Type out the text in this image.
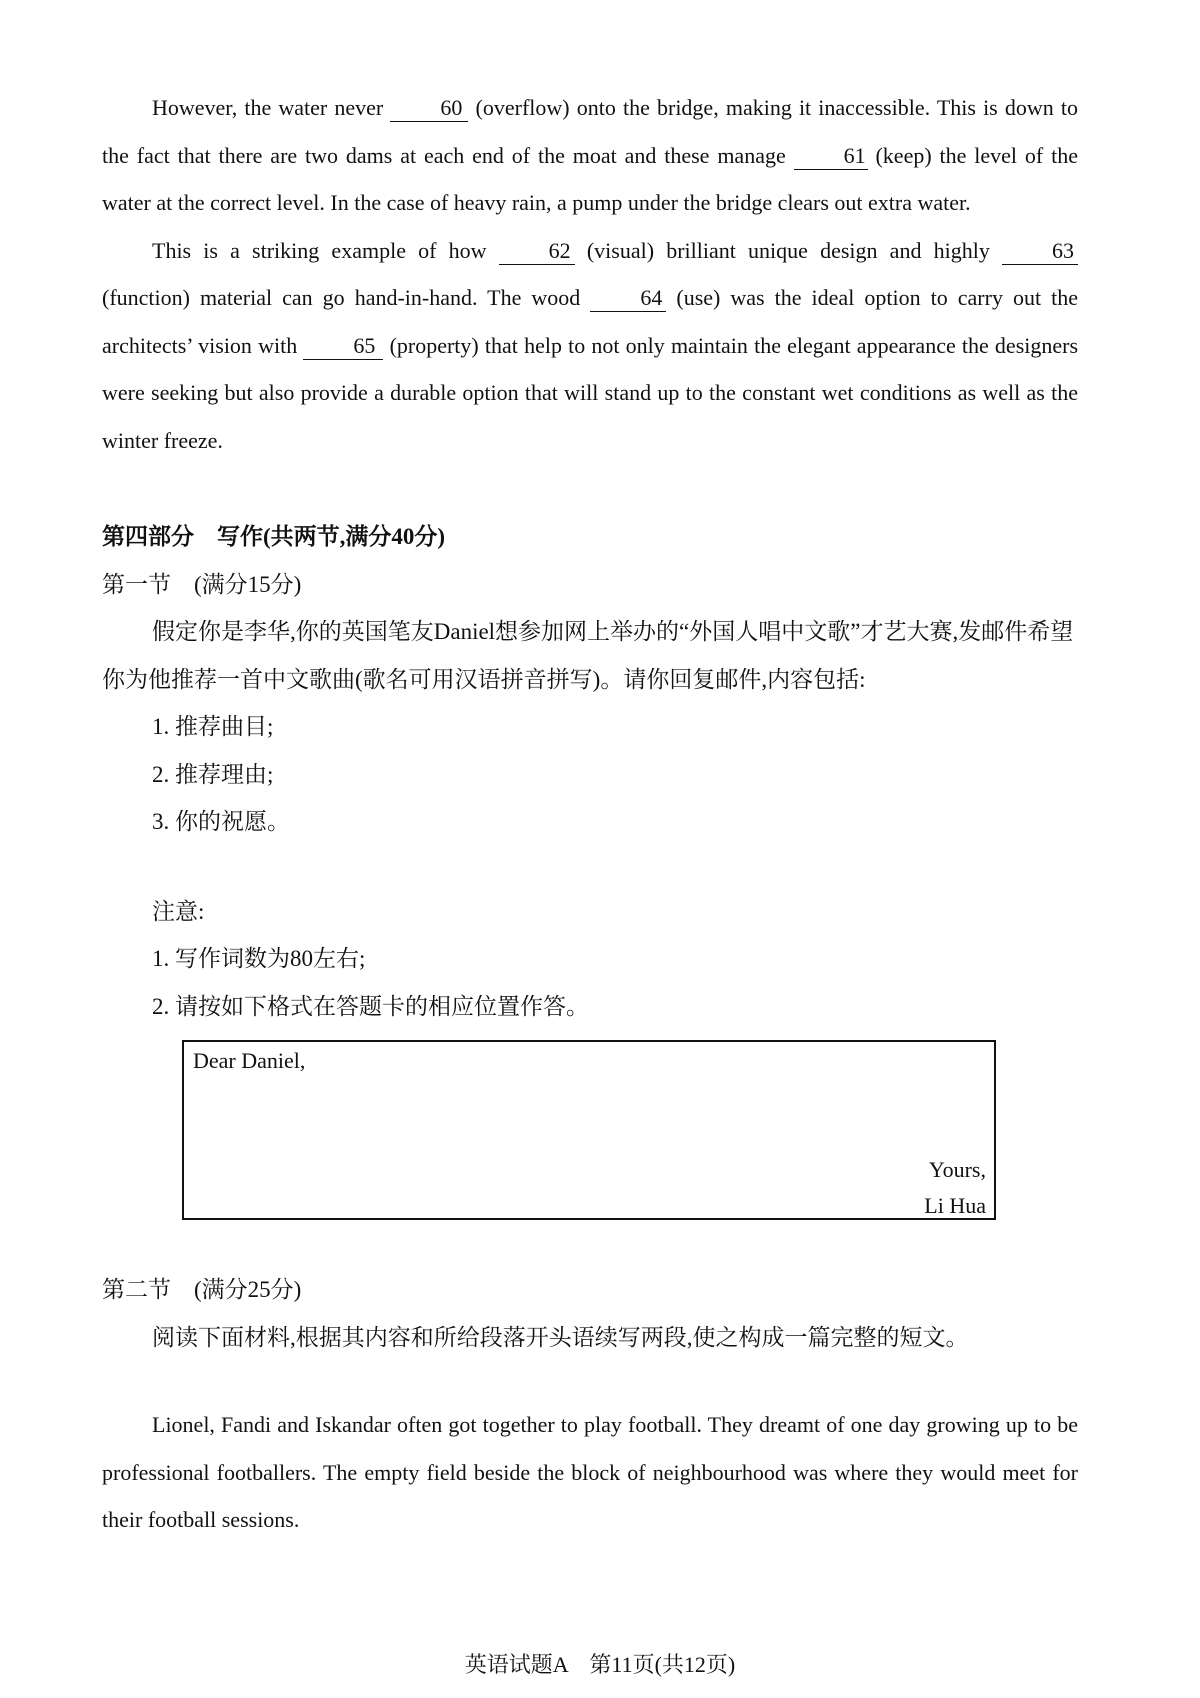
However, the water never	60 (overflow) onto the bridge, making it inaccessible. This is down to the fact that there are two dams at each end of the moat and these manage	61 (keep) the level of the water at the correct level. In the case of heavy rain, a pump under the bridge clears out extra water.

This is a striking example of how	62 (visual) brilliant unique design and highly	63 (function) material can go hand-in-hand. The wood	64 (use) was the ideal option to carry out the architects’ vision with	65 (property) that help to not only maintain the elegant appearance the designers were seeking but also provide a durable option that will stand up to the constant wet conditions as well as the winter freeze.

第四部分　写作(共两节,满分40分)

第一节　(满分15分)

假定你是李华,你的英国笔友Daniel想参加网上举办的“外国人唱中文歌”才艺大赛,发邮件希望你为他推荐一首中文歌曲(歌名可用汉语拼音拼写)。请你回复邮件,内容包括:

1. 推荐曲目;

2. 推荐理由;

3. 你的祝愿。

注意:

1. 写作词数为80左右;

2. 请按如下格式在答题卡的相应位置作答。

Dear Daniel,
Yours,
Li Hua

第二节　(满分25分)

阅读下面材料,根据其内容和所给段落开头语续写两段,使之构成一篇完整的短文。

Lionel, Fandi and Iskandar often got together to play football. They dreamt of one day growing up to be professional footballers. The empty field beside the block of neighbourhood was where they would meet for their football sessions.

英语试题A　第11页(共12页)
